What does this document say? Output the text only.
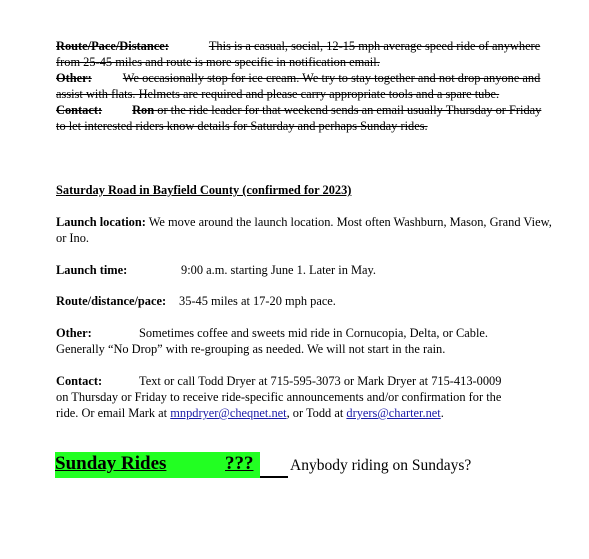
Route/Pace/Distance:	This is a casual, social, 12-15 mph average speed ride of anywhere from 25-45 miles and route is more specific in notification email.

Other:	We occasionally stop for ice cream. We try to stay together and not drop anyone and assist with flats. Helmets are required and please carry appropriate tools and a spare tube.

Contact: Ron or the ride leader for that weekend sends an email usually Thursday or Friday to let interested riders know details for Saturday and perhaps Sunday rides.

Saturday Road in Bayfield County (confirmed for 2023)

Launch location: We move around the launch location. Most often Washburn, Mason, Grand View, or Ino.

Launch time:	9:00 a.m. starting June 1. Later in May.

Route/distance/pace: 35-45 miles at 17-20 mph pace.

Other:	Sometimes coffee and sweets mid ride in Cornucopia, Delta, or Cable.

Generally “No Drop” with re-grouping as needed. We will not start in the rain.

Contact:	Text or call Todd Dryer at 715-595-3073 or Mark Dryer at 715-413-0009

on Thursday or Friday to receive ride-specific announcements and/or confirmation for the

ride. Or email Mark at mnpdryer@cheqnet.net, or Todd at dryers@charter.net.

Sunday Rides	??? Anybody riding on Sundays?
